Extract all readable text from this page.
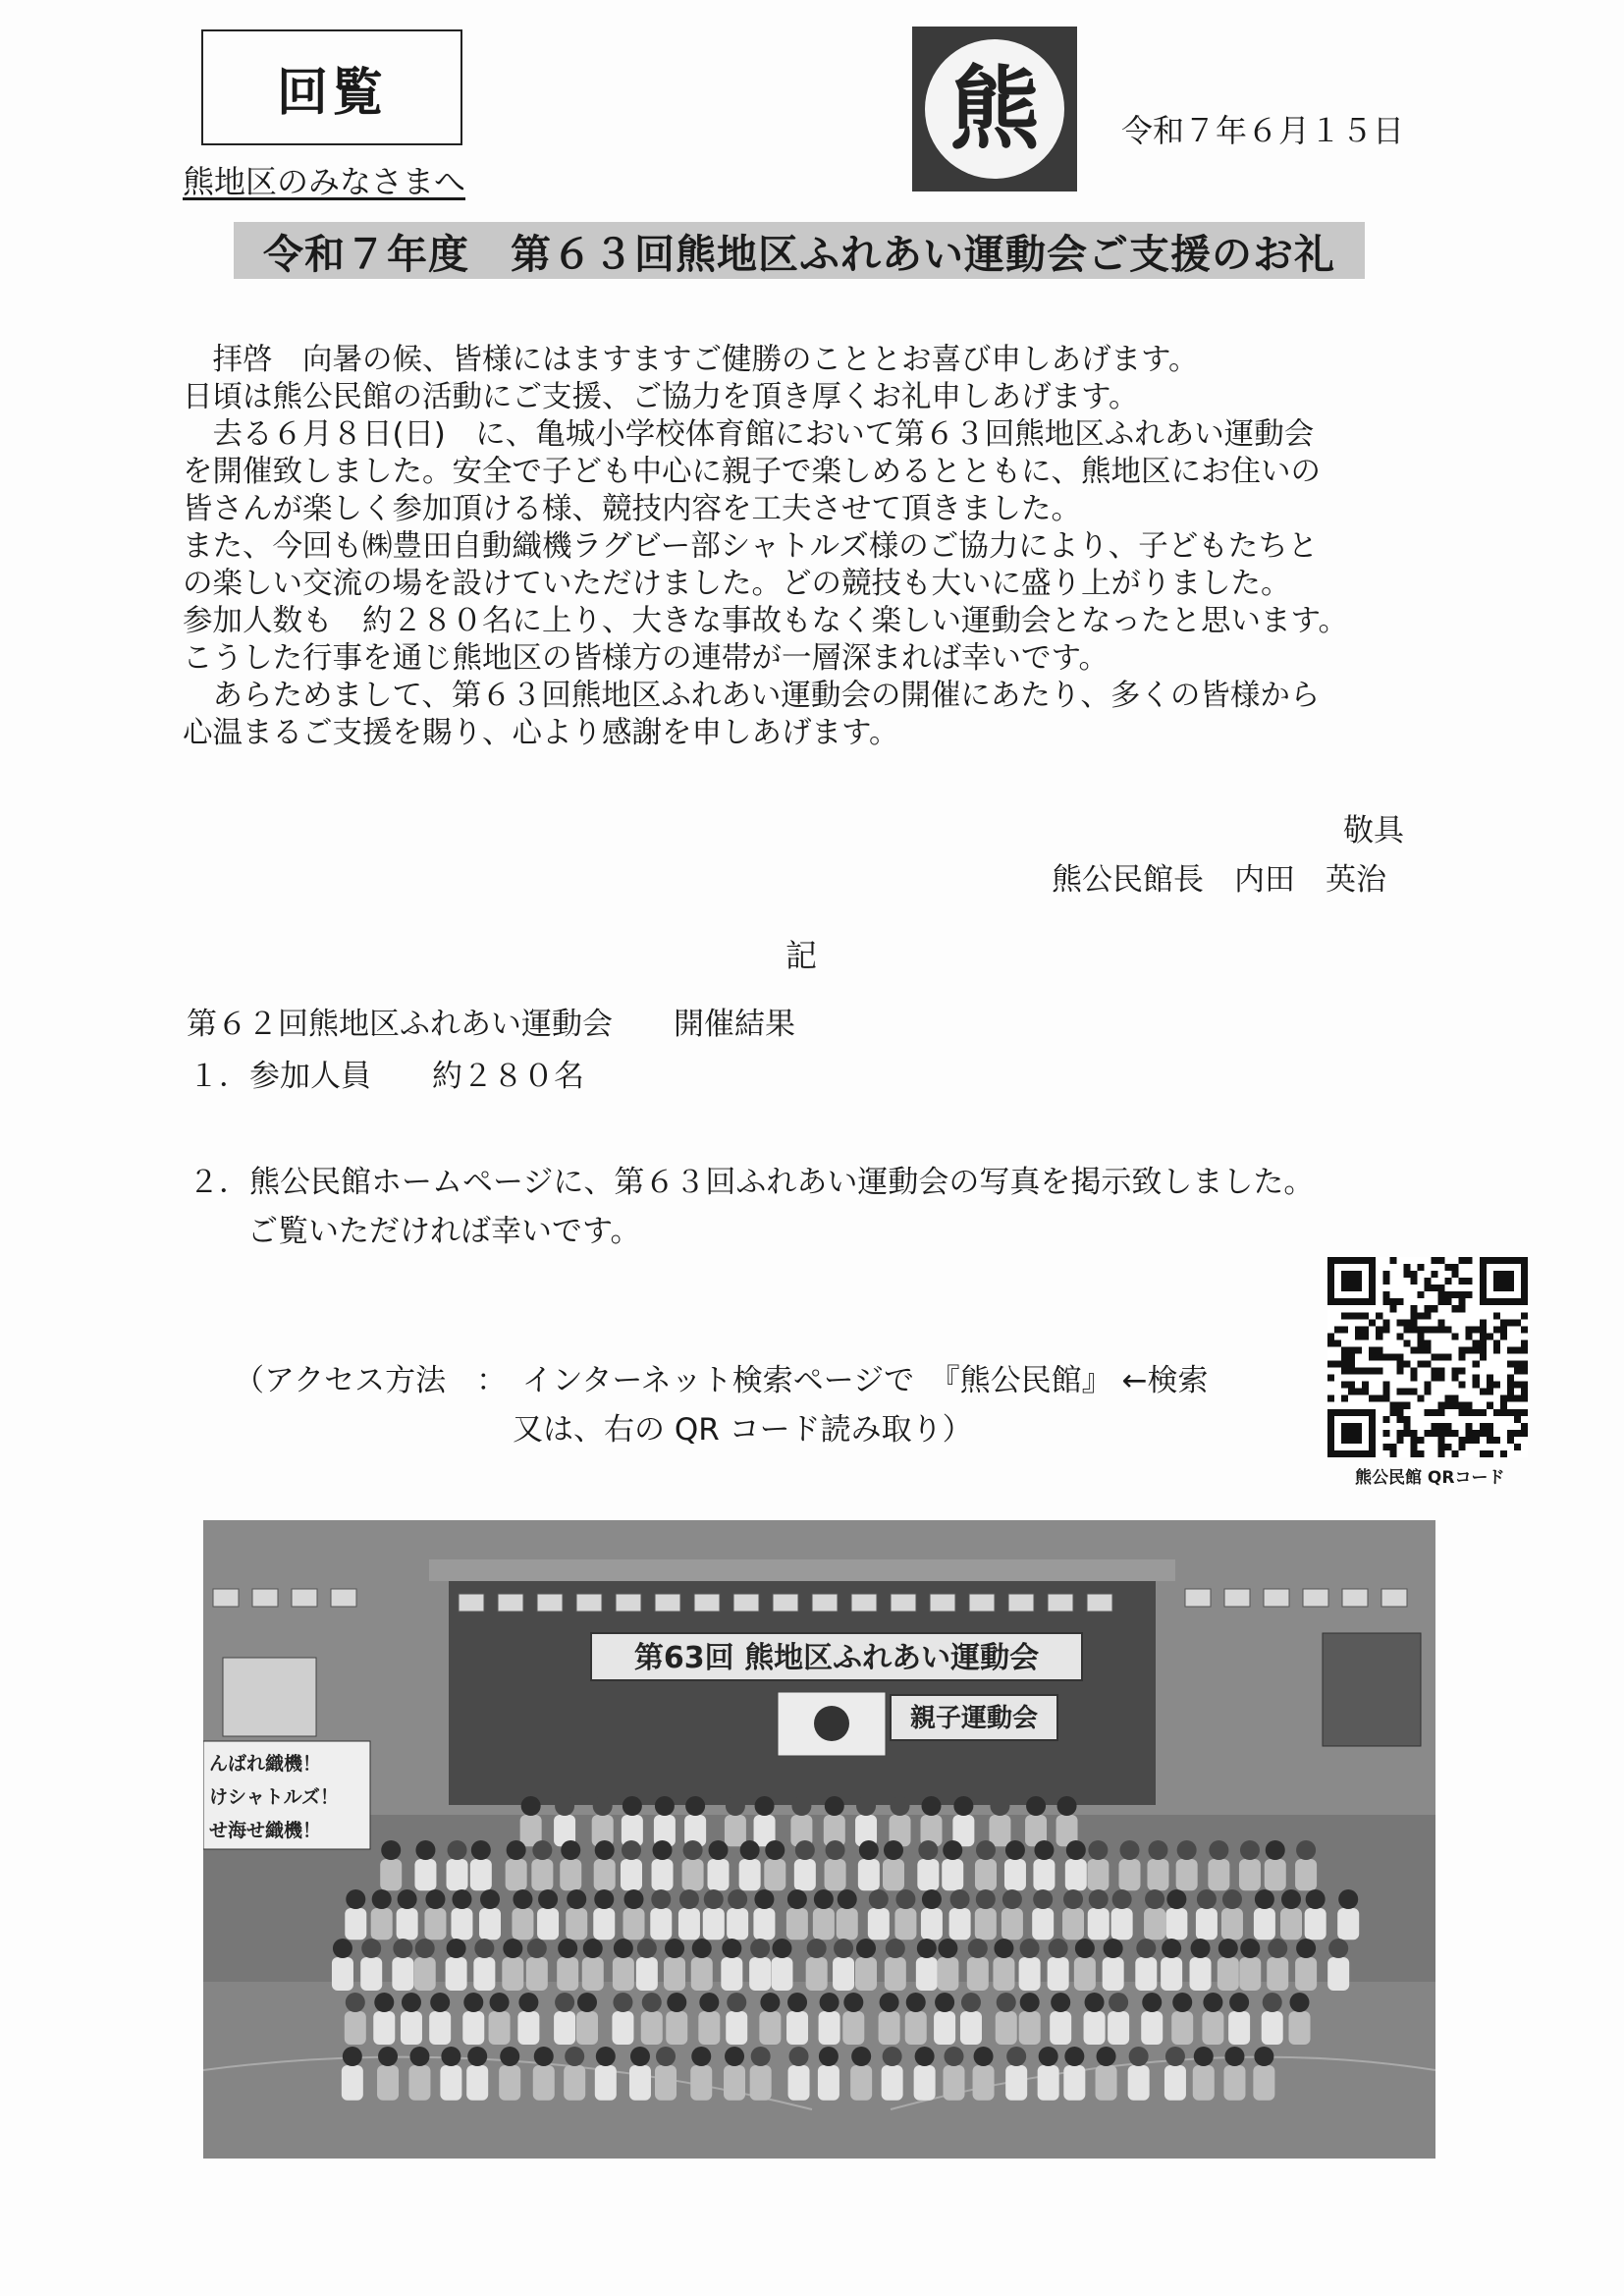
回覧
熊地区のみなさまへ
熊	令和７年６月１５日
令和７年度　第６３回熊地区ふれあい運動会ご支援のお礼

　拝啓　向暑の候、皆様にはますますご健勝のこととお喜び申しあげます。

日頃は熊公民館の活動にご支援、ご協力を頂き厚くお礼申しあげます。

　去る６月８日(日)　に、亀城小学校体育館において第６３回熊地区ふれあい運動会

を開催致しました。安全で子ども中心に親子で楽しめるとともに、熊地区にお住いの

皆さんが楽しく参加頂ける様、競技内容を工夫させて頂きました。

また、今回も㈱豊田自動織機ラグビー部シャトルズ様のご協力により、子どもたちと

の楽しい交流の場を設けていただけました。どの競技も大いに盛り上がりました。

参加人数も　約２８０名に上り、大きな事故もなく楽しい運動会となったと思います。

こうした行事を通じ熊地区の皆様方の連帯が一層深まれば幸いです。

　あらためまして、第６３回熊地区ふれあい運動会の開催にあたり、多くの皆様から

心温まるご支援を賜り、心より感謝を申しあげます。

敬具
熊公民館長　内田　英治
記
第６２回熊地区ふれあい運動会　　開催結果
１．参加人員　　約２８０名
２．熊公民館ホームページに、第６３回ふれあい運動会の写真を掲示致しました。
ご覧いただければ幸いです。
（アクセス方法　：　インターネット検索ページで　『熊公民館』 ←検索
又は、右の QR コード読み取り）
熊公民館 QRコード
第63回 熊地区ふれあい運動会
親子運動会
んばれ織機！
けシャトルズ！
せ海せ織機！
